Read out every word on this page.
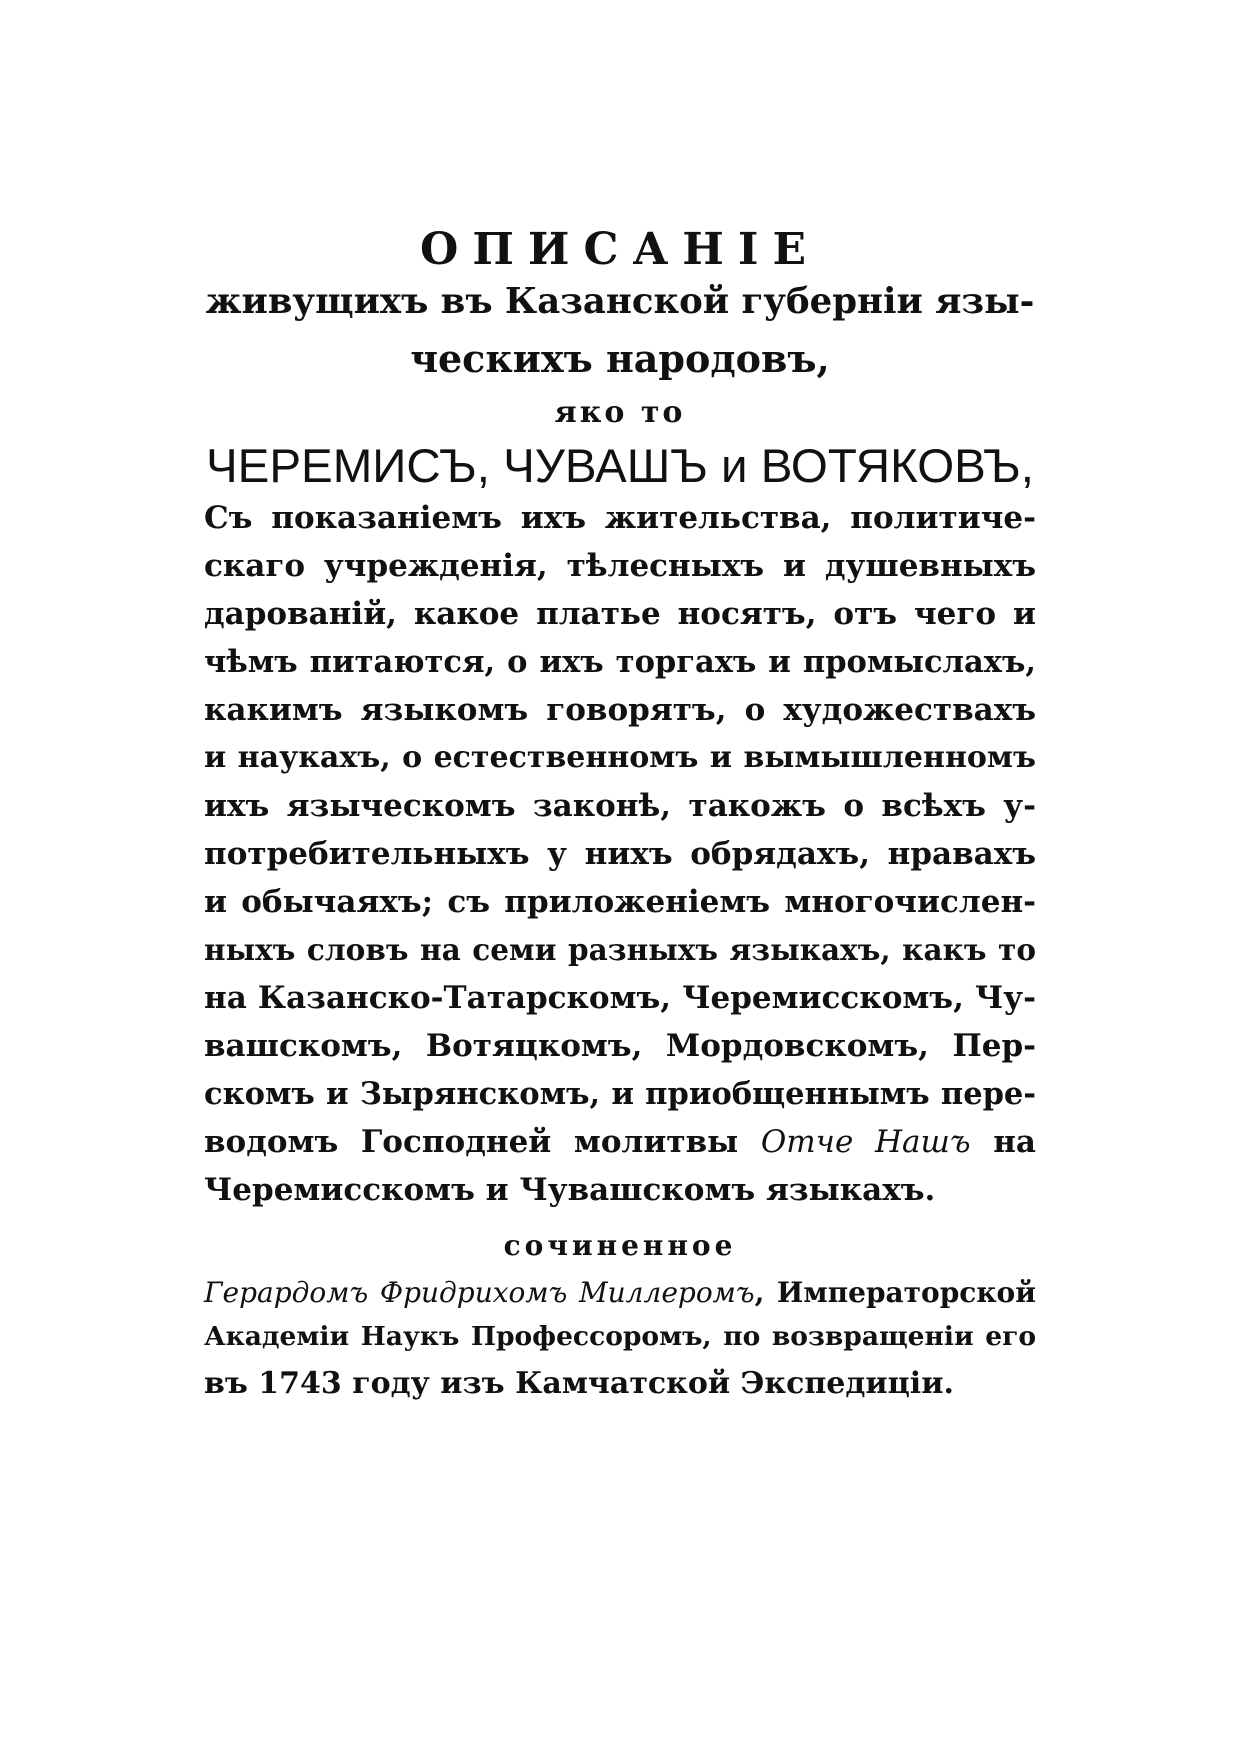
ОПИСАНІЕ
живущихъ въ Казанской губерніи язы-
ческихъ народовъ,
яко то
ЧЕРЕМИСЪ, ЧУВАШЪ и ВОТЯКОВЪ,
Съ показаніемъ ихъ жительства, политиче-
скаго учрежденія, тѣлесныхъ и душевныхъ
дарованій, какое платье носятъ, отъ чего и
чѣмъ питаются, о ихъ торгахъ и промыслахъ,
какимъ языкомъ говорятъ, о художествахъ
и наукахъ, о естественномъ и вымышленномъ
ихъ языческомъ законѣ, такожъ о всѣхъ у-
потребительныхъ у нихъ обрядахъ, нравахъ
и обычаяхъ; съ приложеніемъ многочислен-
ныхъ словъ на семи разныхъ языкахъ, какъ то
на Казанско-Татарскомъ, Черемисскомъ, Чу-
вашскомъ, Вотяцкомъ, Мордовскомъ, Пер-
скомъ и Зырянскомъ, и приобщеннымъ пере-
водомъ Господней молитвы Отче Нашъ на
Черемисскомъ и Чувашскомъ языкахъ.
сочиненное
Герардомъ Фридрихомъ Миллеромъ, Императорской
Академіи Наукъ Профессоромъ, по возвращеніи его
въ 1743 году изъ Камчатской Экспедиціи.
